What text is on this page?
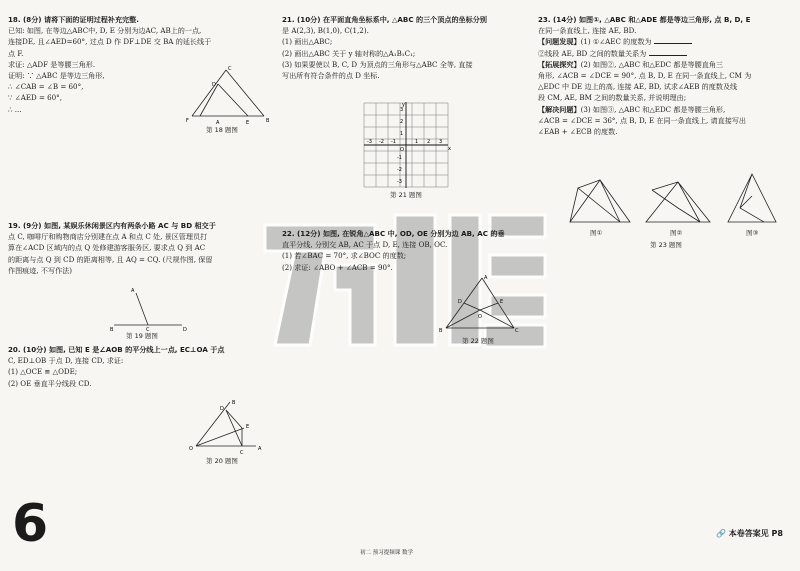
18. (8分) 请将下面的证明过程补充完整.
已知: 如图, 在等边△ABC中, D, E 分别为边AC, AB上的一点,
连接DE, 且∠AED=60°, 过点 D 作 DF⊥DE 交 BA 的延长线于
点 F.
求证: △ADF 是等腰三角形.
证明: ∵ △ABC 是等边三角形,
∴ ∠CAB = ∠B = 60°,
∵ ∠AED = 60°,
∴ ...
C
D
F	A	E	B
第 18 题图
19. (9分) 如图, 某娱乐休闲景区内有两条小路 AC 与 BD 相交于
点 C, 咖啡厅和购物商店分别建在点 A 和点 C 处, 景区管理员打
算在∠ACD 区域内的点 Q 处修建游客服务区, 要求点 Q 到 AC
的距离与点 Q 到 CD 的距离相等, 且 AQ = CQ. (尺规作图, 保留
作图痕迹, 不写作法)
A
B	C	D
第 19 题图
20. (10分) 如图, 已知 E 是∠AOB 的平分线上一点, EC⊥OA 于点
C, ED⊥OB 于点 D, 连接 CD, 求证:
(1) △OCE ≌ △ODE;
(2) OE 垂直平分线段 CD.
O	A
B
C
D
E
第 20 题图
21. (10分) 在平面直角坐标系中, △ABC 的三个顶点的坐标分别
是 A(2,3), B(1,0), C(1,2).
(1) 画出△ABC;
(2) 画出△ABC 关于 y 轴对称的△A₁B₁C₁;
(3) 如果要使以 B, C, D 为顶点的三角形与△ABC 全等, 直接
写出所有符合条件的点 D 坐标.
y
x
O
-3 -2 -1	1 2 3
3
2
1
-1
-2
-3
第 21 题图
万唯
22. (12分) 如图, 在锐角△ABC 中, OD, OE 分别为边 AB, AC 的垂
直平分线, 分别交 AB, AC 于点 D, E, 连接 OB, OC.
(1) 若∠BAC = 70°, 求∠BOC 的度数;
(2) 求证: ∠ABO + ∠ACB = 90°.
A
B	C
D	E
O
第 22 题图
23. (14分) 如图①, △ABC 和△ADE 都是等边三角形, 点 B, D, E
在同一条直线上, 连接 AE, BD.
【问题发现】(1) ①∠AEC 的度数为
②线段 AE, BD 之间的数量关系为
【拓展探究】(2) 如图②, △ABC 和△EDC 都是等腰直角三
角形, ∠ACB = ∠DCE = 90°, 点 B, D, E 在同一条直线上, CM 为
△EDC 中 DE 边上的高, 连接 AE, BD, 试求∠AEB 的度数及线
段 CM, AE, BM 之间的数量关系, 并说明理由;
【解决问题】(3) 如图③, △ABC 和△EDC 都是等腰三角形,
∠ACB = ∠DCE = 36°, 点 B, D, E 在同一条直线上, 请直接写出
∠EAB + ∠ECB 的度数.
图①	图②	图③
第 23 题图
6	初二 预习提频课 数学
🔗 本卷答案见 P8
